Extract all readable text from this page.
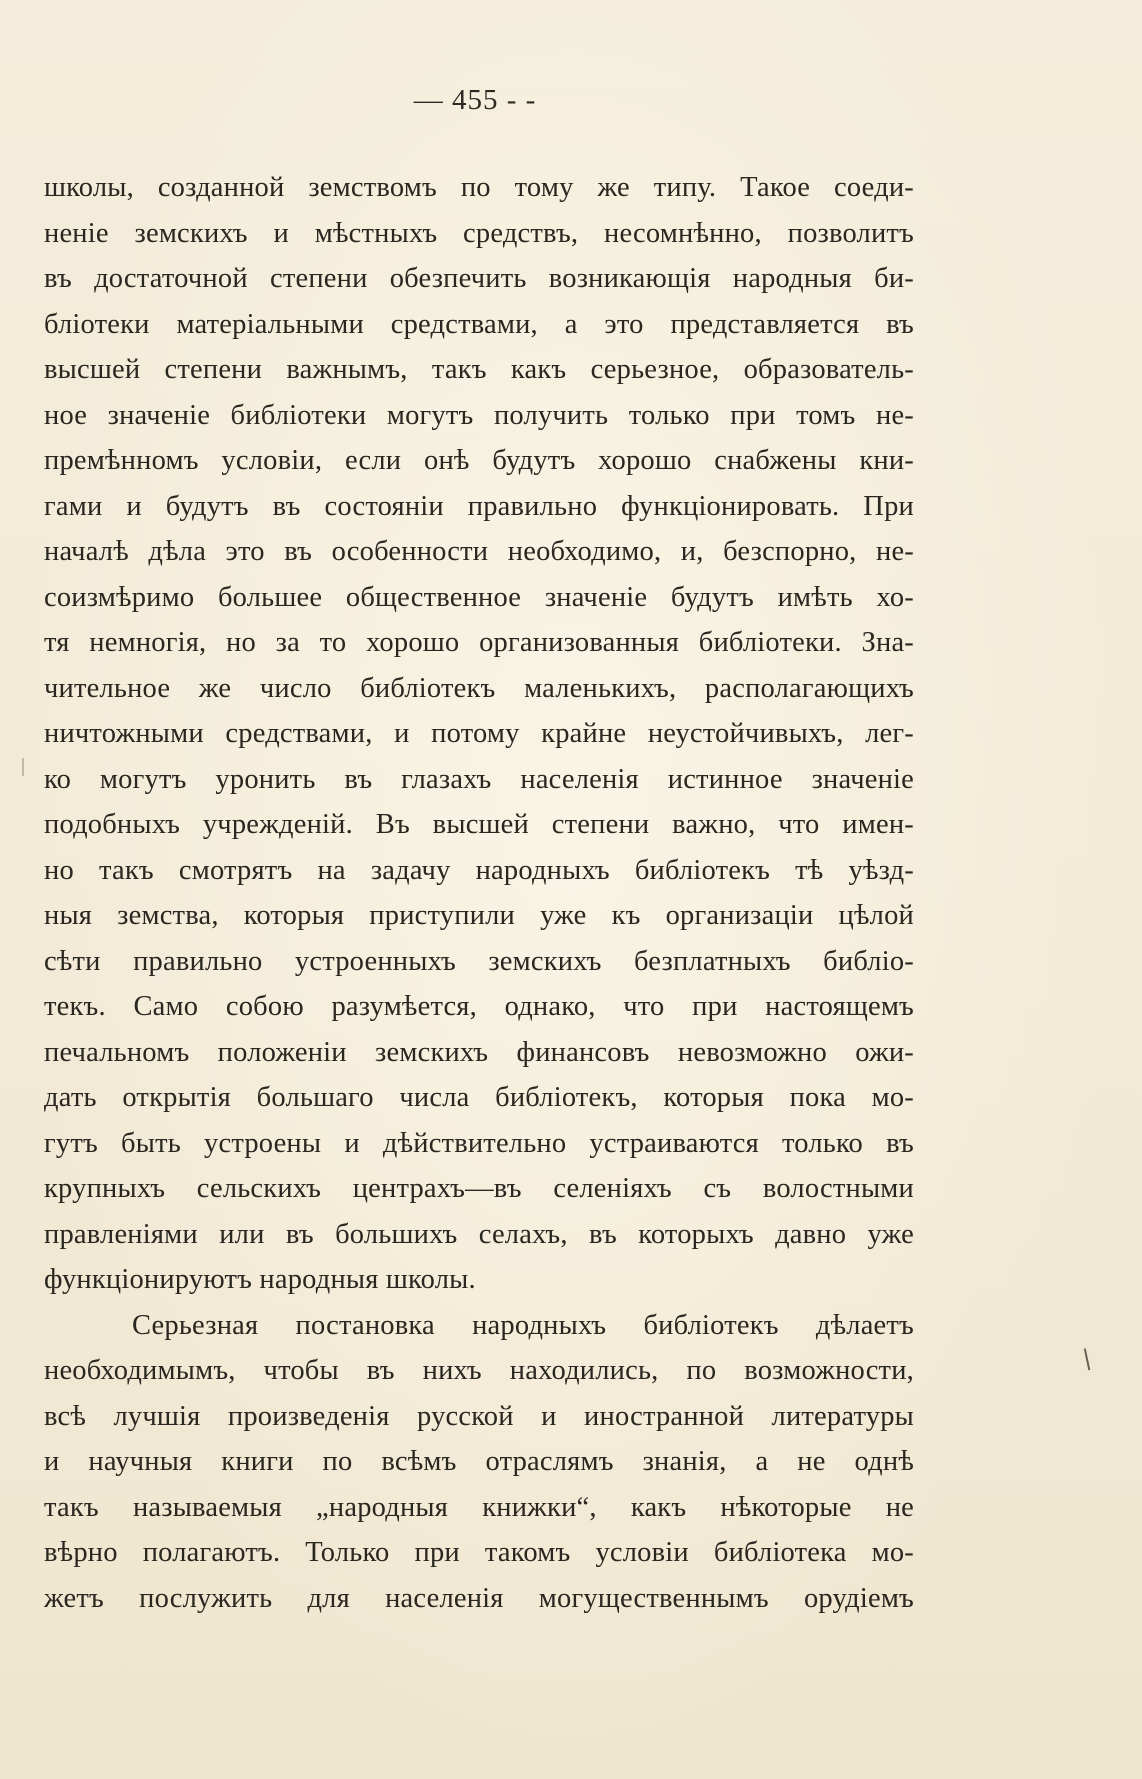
— 455 - -
школы, созданной земствомъ по тому же типу. Такое соеди-
неніе земскихъ и мѣстныхъ средствъ, несомнѣнно, позволитъ
въ достаточной степени обезпечить возникающія народныя би-
бліотеки матеріальными средствами, а это представляется въ
высшей степени важнымъ, такъ какъ серьезное, образователь-
ное значеніе библіотеки могутъ получить только при томъ не-
премѣнномъ условіи, если онѣ будутъ хорошо снабжены кни-
гами и будутъ въ состояніи правильно функціонировать. При
началѣ дѣла это въ особенности необходимо, и, безспорно, не-
соизмѣримо большее общественное значеніе будутъ имѣть хо-
тя немногія, но за то хорошо организованныя библіотеки. Зна-
чительное же число библіотекъ маленькихъ, располагающихъ
ничтожными средствами, и потому крайне неустойчивыхъ, лег-
ко могутъ уронить въ глазахъ населенія истинное значеніе
подобныхъ учрежденій. Въ высшей степени важно, что имен-
но такъ смотрятъ на задачу народныхъ библіотекъ тѣ уѣзд-
ныя земства, которыя приступили уже къ организаціи цѣлой
сѣти правильно устроенныхъ земскихъ безплатныхъ библіо-
текъ. Само собою разумѣется, однако, что при настоящемъ
печальномъ положеніи земскихъ финансовъ невозможно ожи-
дать открытія большаго числа библіотекъ, которыя пока мо-
гутъ быть устроены и дѣйствительно устраиваются только въ
крупныхъ сельскихъ центрахъ—въ селеніяхъ съ волостными
правленіями или въ большихъ селахъ, въ которыхъ давно уже
функціонируютъ народныя школы.
Серьезная постановка народныхъ библіотекъ дѣлаетъ
необходимымъ, чтобы въ нихъ находились, по возможности,
всѣ лучшія произведенія русской и иностранной литературы
и научныя книги по всѣмъ отраслямъ знанія, а не однѣ
такъ называемыя „народныя книжки“, какъ нѣкоторые не
вѣрно полагаютъ. Только при такомъ условіи библіотека мо-
жетъ послужить для населенія могущественнымъ орудіемъ
